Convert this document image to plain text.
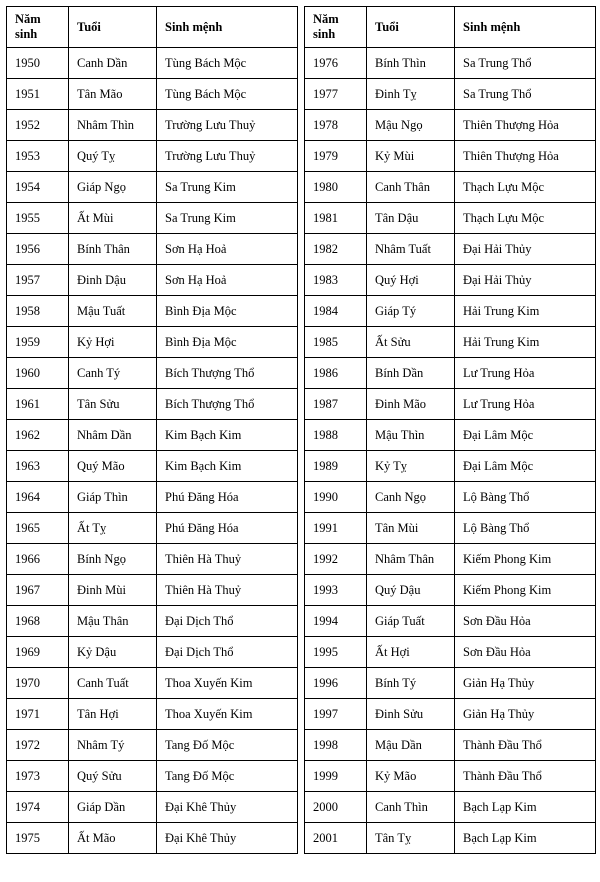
Năm
sinh	Tuổi	Sinh mệnh
1950	Canh Dần	Tùng Bách Mộc
1951	Tân Mão	Tùng Bách Mộc
1952	Nhâm Thìn	Trường Lưu Thuỷ
1953	Quý Tỵ	Trường Lưu Thuỷ
1954	Giáp Ngọ	Sa Trung Kim
1955	Ất Mùi	Sa Trung Kim
1956	Bính Thân	Sơn Hạ Hoả
1957	Đinh Dậu	Sơn Hạ Hoả
1958	Mậu Tuất	Bình Địa Mộc
1959	Kỷ Hợi	Bình Địa Mộc
1960	Canh Tý	Bích Thượng Thổ
1961	Tân Sửu	Bích Thượng Thổ
1962	Nhâm Dần	Kim Bạch Kim
1963	Quý Mão	Kim Bạch Kim
1964	Giáp Thìn	Phú Đăng Hóa
1965	Ất Tỵ	Phú Đăng Hóa
1966	Bính Ngọ	Thiên Hà Thuỷ
1967	Đinh Mùi	Thiên Hà Thuỷ
1968	Mậu Thân	Đại Dịch Thổ
1969	Kỷ Dậu	Đại Dịch Thổ
1970	Canh Tuất	Thoa Xuyến Kim
1971	Tân Hợi	Thoa Xuyến Kim
1972	Nhâm Tý	Tang Đố Mộc
1973	Quý Sửu	Tang Đố Mộc
1974	Giáp Dần	Đại Khê Thủy
1975	Ất Mão	Đại Khê Thủy
Năm
sinh	Tuổi	Sinh mệnh
1976	Bính Thìn	Sa Trung Thổ
1977	Đinh Tỵ	Sa Trung Thổ
1978	Mậu Ngọ	Thiên Thượng Hỏa
1979	Kỷ Mùi	Thiên Thượng Hỏa
1980	Canh Thân	Thạch Lựu Mộc
1981	Tân Dậu	Thạch Lựu Mộc
1982	Nhâm Tuất	Đại Hải Thủy
1983	Quý Hợi	Đại Hải Thủy
1984	Giáp Tý	Hải Trung Kim
1985	Ất Sửu	Hải Trung Kim
1986	Bính Dần	Lư Trung Hỏa
1987	Đinh Mão	Lư Trung Hỏa
1988	Mậu Thìn	Đại Lâm Mộc
1989	Kỷ Tỵ	Đại Lâm Mộc
1990	Canh Ngọ	Lộ Bàng Thổ
1991	Tân Mùi	Lộ Bàng Thổ
1992	Nhâm Thân	Kiếm Phong Kim
1993	Quý Dậu	Kiếm Phong Kim
1994	Giáp Tuất	Sơn Đầu Hỏa
1995	Ất Hợi	Sơn Đầu Hỏa
1996	Bính Tý	Giản Hạ Thủy
1997	Đinh Sửu	Giản Hạ Thủy
1998	Mậu Dần	Thành Đầu Thổ
1999	Kỷ Mão	Thành Đầu Thổ
2000	Canh Thìn	Bạch Lạp Kim
2001	Tân Tỵ	Bạch Lạp Kim
